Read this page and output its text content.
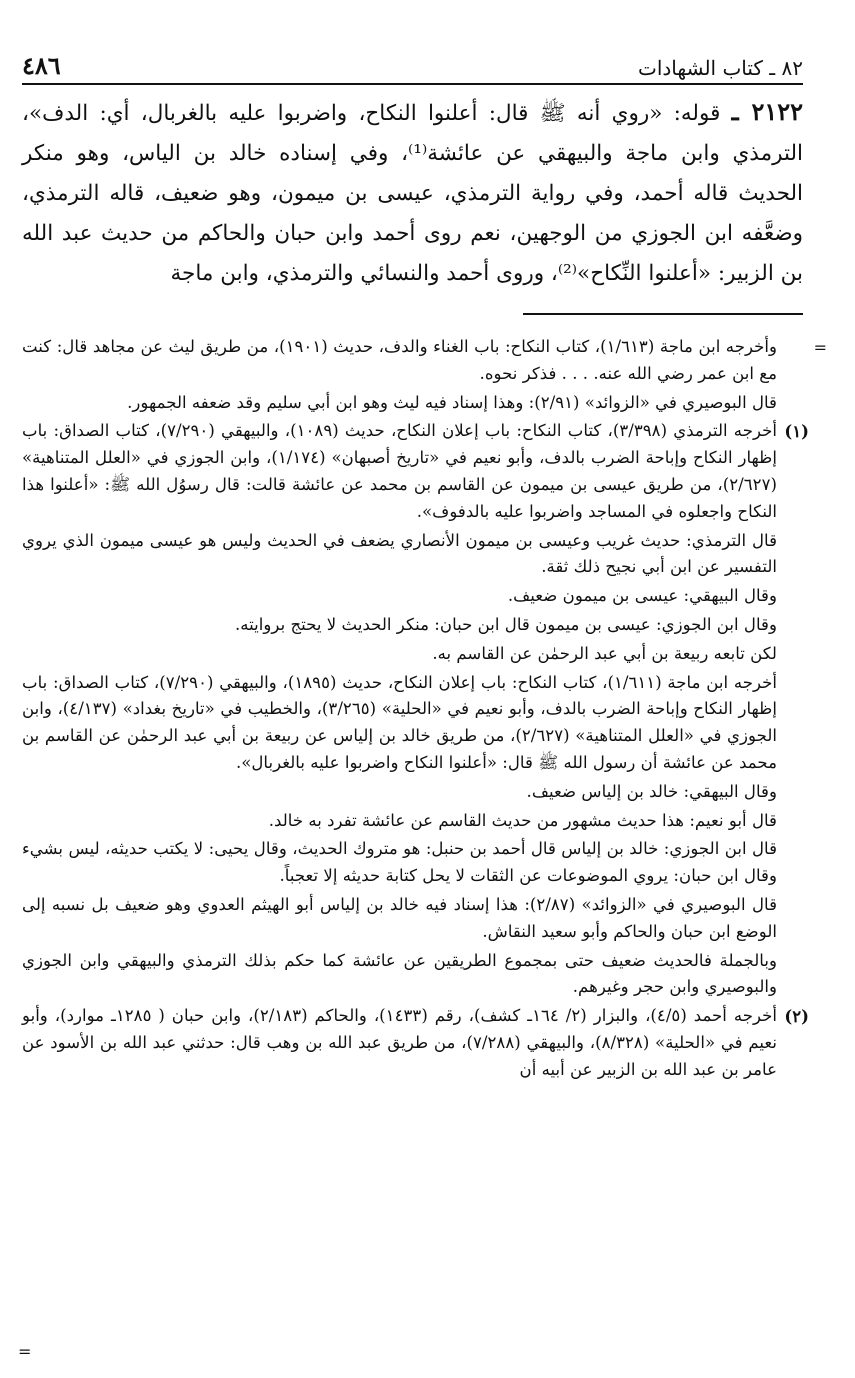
٨٢ ـ كتاب الشهادات
٤٨٦
٢١٢٢ ـ قوله: «روي أنه ﷺ قال: أعلنوا النكاح، واضربوا عليه بالغربال، أي: الدف»، الترمذي وابن ماجة والبيهقي عن عائشة⁽¹⁾، وفي إسناده خالد بن الياس، وهو منكر الحديث قاله أحمد، وفي رواية الترمذي، عيسى بن ميمون، وهو ضعيف، قاله الترمذي، وضعَّفه ابن الجوزي من الوجهين، نعم روى أحمد وابن حبان والحاكم من حديث عبد الله بن الزبير: «أعلنوا النِّكاح»⁽²⁾، وروى أحمد والنسائي والترمذي، وابن ماجة
=

وأخرجه ابن ماجة (١/٦١٣)، كتاب النكاح: باب الغناء والدف، حديث (١٩٠١)، من طريق ليث عن مجاهد قال: كنت مع ابن عمر رضي الله عنه. . . . فذكر نحوه.

قال البوصيري في «الزوائد» (٢/٩١): وهذا إسناد فيه ليث وهو ابن أبي سليم وقد ضعفه الجمهور.

(١)
أخرجه الترمذي (٣/٣٩٨)، كتاب النكاح: باب إعلان النكاح، حديث (١٠٨٩)، والبيهقي (٧/٢٩٠)، كتاب الصداق: باب إظهار النكاح وإباحة الضرب بالدف، وأبو نعيم في «تاريخ أصبهان» (١/١٧٤)، وابن الجوزي في «العلل المتناهية» (٢/٦٢٧)، من طريق عيسى بن ميمون عن القاسم بن محمد عن عائشة قالت: قال رسوُل الله ﷺ: «أعلنوا هذا النكاح واجعلوه في المساجد واضربوا عليه بالدفوف».

قال الترمذي: حديث غريب وعيسى بن ميمون الأنصاري يضعف في الحديث وليس هو عيسى ميمون الذي يروي التفسير عن ابن أبي نجيح ذلك ثقة.

وقال البيهقي: عيسى بن ميمون ضعيف.

وقال ابن الجوزي: عيسى بن ميمون قال ابن حبان: منكر الحديث لا يحتج بروايته.

لكن تابعه ربيعة بن أبي عبد الرحمٰن عن القاسم به.

أخرجه ابن ماجة (١/٦١١)، كتاب النكاح: باب إعلان النكاح، حديث (١٨٩٥)، والبيهقي (٧/٢٩٠)، كتاب الصداق: باب إظهار النكاح وإباحة الضرب بالدف، وأبو نعيم في «الحلية» (٣/٢٦٥)، والخطيب في «تاريخ بغداد» (٤/١٣٧)، وابن الجوزي في «العلل المتناهية» (٢/٦٢٧)، من طريق خالد بن إلياس عن ربيعة بن أبي عبد الرحمٰن عن القاسم بن محمد عن عائشة أن رسول الله ﷺ قال: «أعلنوا النكاح واضربوا عليه بالغربال».

وقال البيهقي: خالد بن إلياس ضعيف.

قال أبو نعيم: هذا حديث مشهور من حديث القاسم عن عائشة تفرد به خالد.

قال ابن الجوزي: خالد بن إلياس قال أحمد بن حنبل: هو متروك الحديث، وقال يحيى: لا يكتب حديثه، ليس بشيء وقال ابن حبان: يروي الموضوعات عن الثقات لا يحل كتابة حديثه إلا تعجباً.

قال البوصيري في «الزوائد» (٢/٨٧): هذا إسناد فيه خالد بن إلياس أبو الهيثم العدوي وهو ضعيف بل نسبه إلى الوضع ابن حبان والحاكم وأبو سعيد النقاش.

وبالجملة فالحديث ضعيف حتى بمجموع الطريقين عن عائشة كما حكم بذلك الترمذي والبيهقي وابن الجوزي والبوصيري وابن حجر وغيرهم.

(٢)
أخرجه أحمد (٤/٥)، والبزار (٢/ ١٦٤ـ كشف)، رقم (١٤٣٣)، والحاكم (٢/١٨٣)، وابن حبان ( ١٢٨٥ـ موارد)، وأبو نعيم في «الحلية» (٨/٣٢٨)، والبيهقي (٧/٢٨٨)، من طريق عبد الله بن وهب قال: حدثني عبد الله بن الأسود عن عامر بن عبد الله بن الزبير عن أبيه أن

=
